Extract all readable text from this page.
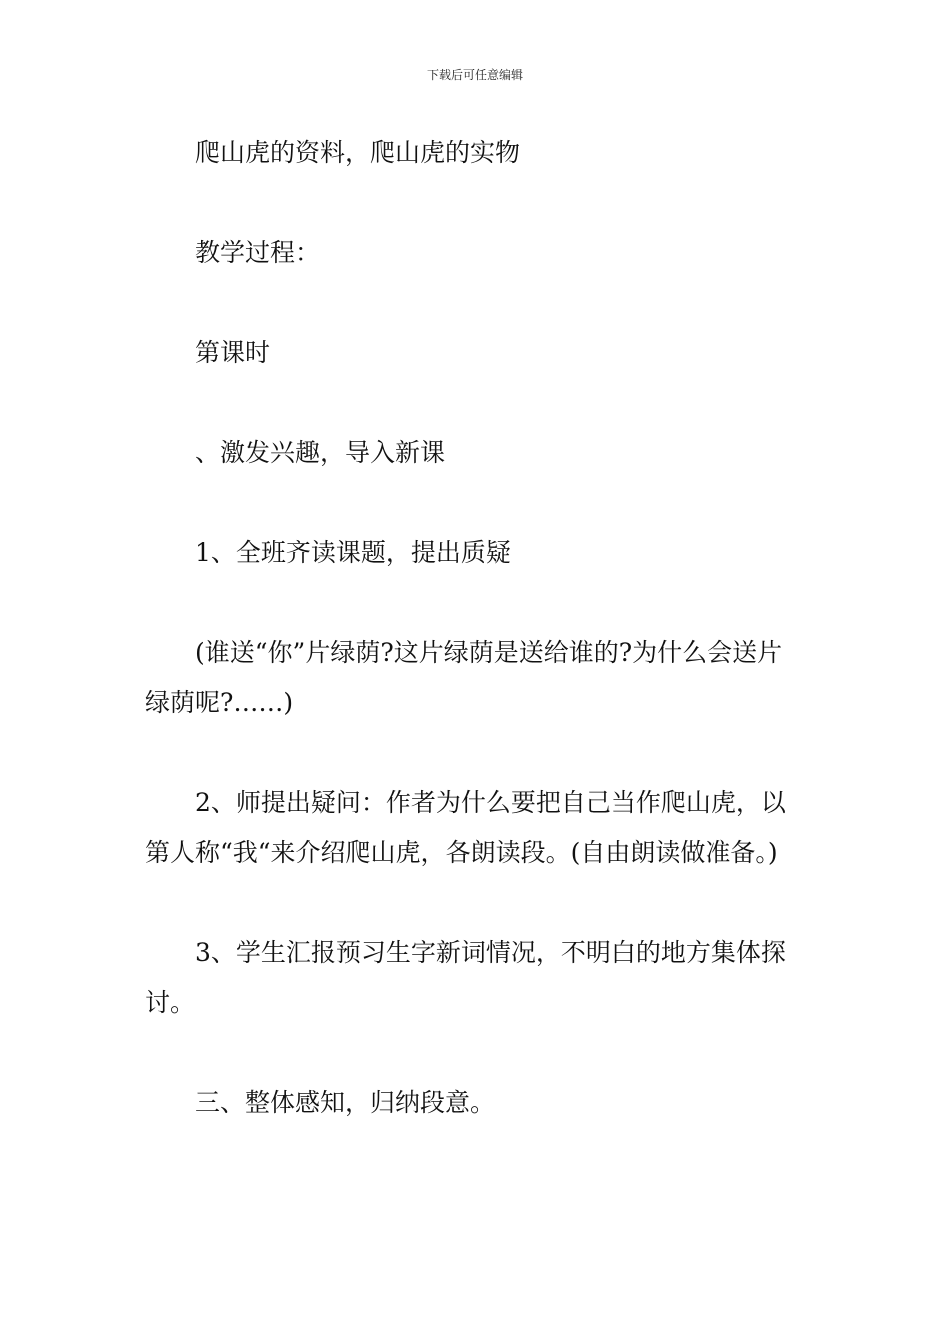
下载后可任意编辑

爬山虎的资料，爬山虎的实物

教学过程：

第课时

、激发兴趣，导入新课

1、全班齐读课题，提出质疑

(谁送“你”片绿荫?这片绿荫是送给谁的?为什么会送片绿荫呢?……)

2、师提出疑问：作者为什么要把自己当作爬山虎，以第人称“我“来介绍爬山虎，各朗读段。(自由朗读做准备。)

3、学生汇报预习生字新词情况，不明白的地方集体探讨。

三、整体感知，归纳段意。
